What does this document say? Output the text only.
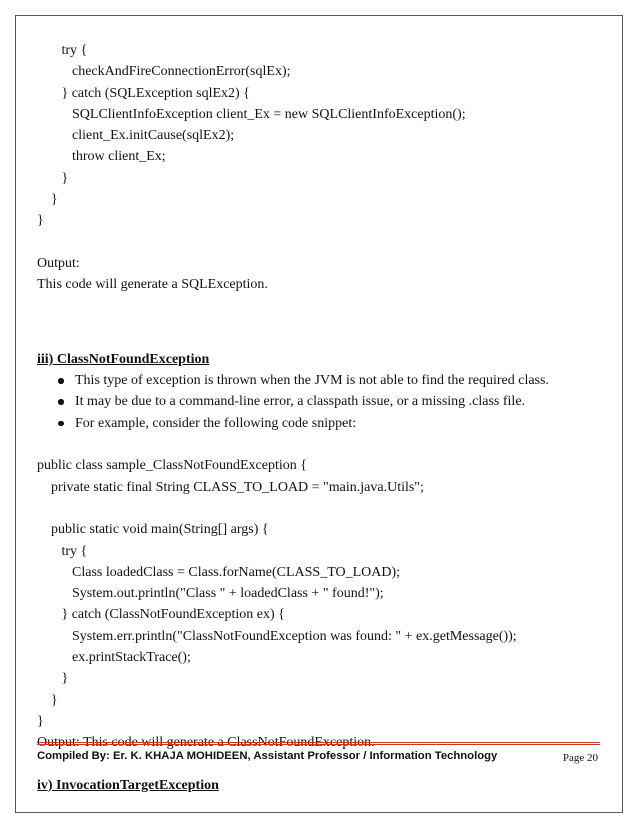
try {
checkAndFireConnectionError(sqlEx);
} catch (SQLException sqlEx2) {
SQLClientInfoException client_Ex = new SQLClientInfoException();
client_Ex.initCause(sqlEx2);
throw client_Ex;
}
}
}
Output:
This code will generate a SQLException.
iii) ClassNotFoundException
This type of exception is thrown when the JVM is not able to find the required class.
It may be due to a command-line error, a classpath issue, or a missing .class file.
For example, consider the following code snippet:
public class sample_ClassNotFoundException {
private static final String CLASS_TO_LOAD = "main.java.Utils";
public static void main(String[] args) {
try {
Class loadedClass = Class.forName(CLASS_TO_LOAD);
System.out.println("Class " + loadedClass + " found!");
} catch (ClassNotFoundException ex) {
System.err.println("ClassNotFoundException was found: " + ex.getMessage());
ex.printStackTrace();
}
}
}
Output: This code will generate a ClassNotFoundException.
iv) InvocationTargetException
Compiled By: Er. K. KHAJA MOHIDEEN, Assistant Professor / Information Technology	Page 20
